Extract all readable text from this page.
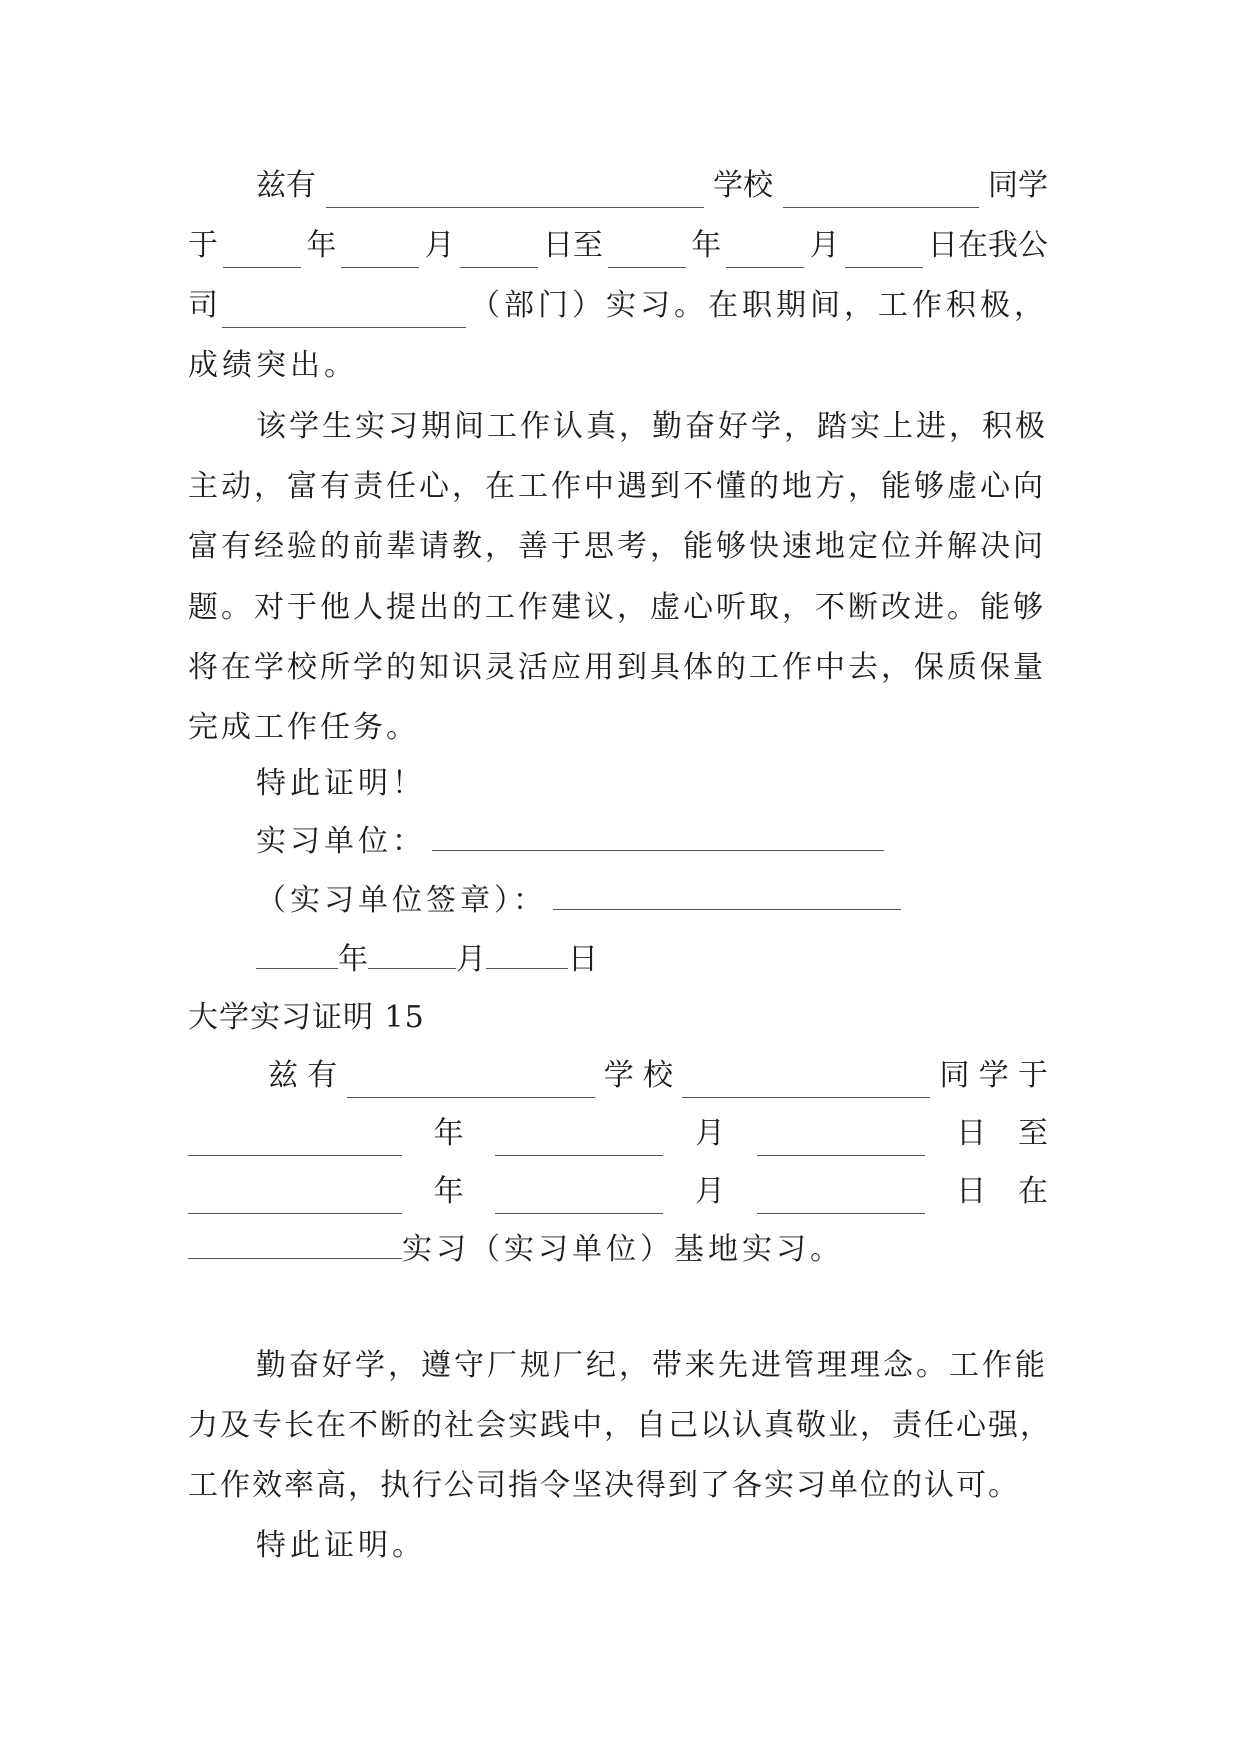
兹有	学校	同学
于	年	月	日至	年	月	日在我公
司	（部门）实习。在职期间，工作积极，
成绩突出。
该学生实习期间工作认真，勤奋好学，踏实上进，积极
主动，富有责任心，在工作中遇到不懂的地方，能够虚心向
富有经验的前辈请教，善于思考，能够快速地定位并解决问
题。对于他人提出的工作建议，虚心听取，不断改进。能够
将在学校所学的知识灵活应用到具体的工作中去，保质保量
完成工作任务。
特此证明！
实习单位：
（实习单位签章）：
年	月	日
大学实习证明 15
兹 有	学 校	同 学 于
年	月	日 至
年	月	日 在
实习（实习单位）基地实习。
勤奋好学，遵守厂规厂纪，带来先进管理理念。工作能
力及专长在不断的社会实践中，自己以认真敬业，责任心强，
工作效率高，执行公司指令坚决得到了各实习单位的认可。
特此证明。
